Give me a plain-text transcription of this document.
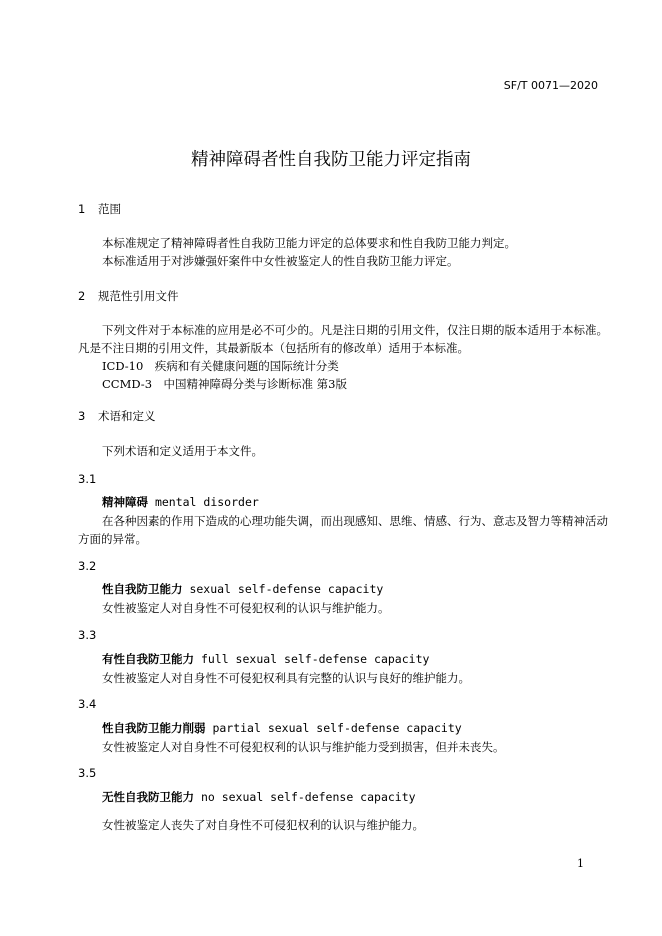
SF/T 0071—2020
精神障碍者性自我防卫能力评定指南
1 范围
本标准规定了精神障碍者性自我防卫能力评定的总体要求和性自我防卫能力判定。
本标准适用于对涉嫌强奸案件中女性被鉴定人的性自我防卫能力评定。
2 规范性引用文件
下列文件对于本标准的应用是必不可少的。凡是注日期的引用文件，仅注日期的版本适用于本标准。凡是不注日期的引用文件，其最新版本（包括所有的修改单）适用于本标准。
ICD-10　疾病和有关健康问题的国际统计分类
CCMD-3　中国精神障碍分类与诊断标准 第3版
3 术语和定义
下列术语和定义适用于本文件。
3.1
精神障碍 mental disorder
在各种因素的作用下造成的心理功能失调，而出现感知、思维、情感、行为、意志及智力等精神活动方面的异常。
3.2
性自我防卫能力 sexual self-defense capacity
女性被鉴定人对自身性不可侵犯权利的认识与维护能力。
3.3
有性自我防卫能力 full sexual self-defense capacity
女性被鉴定人对自身性不可侵犯权利具有完整的认识与良好的维护能力。
3.4
性自我防卫能力削弱 partial sexual self-defense capacity
女性被鉴定人对自身性不可侵犯权利的认识与维护能力受到损害，但并未丧失。
3.5
无性自我防卫能力 no sexual self-defense capacity
女性被鉴定人丧失了对自身性不可侵犯权利的认识与维护能力。
1
